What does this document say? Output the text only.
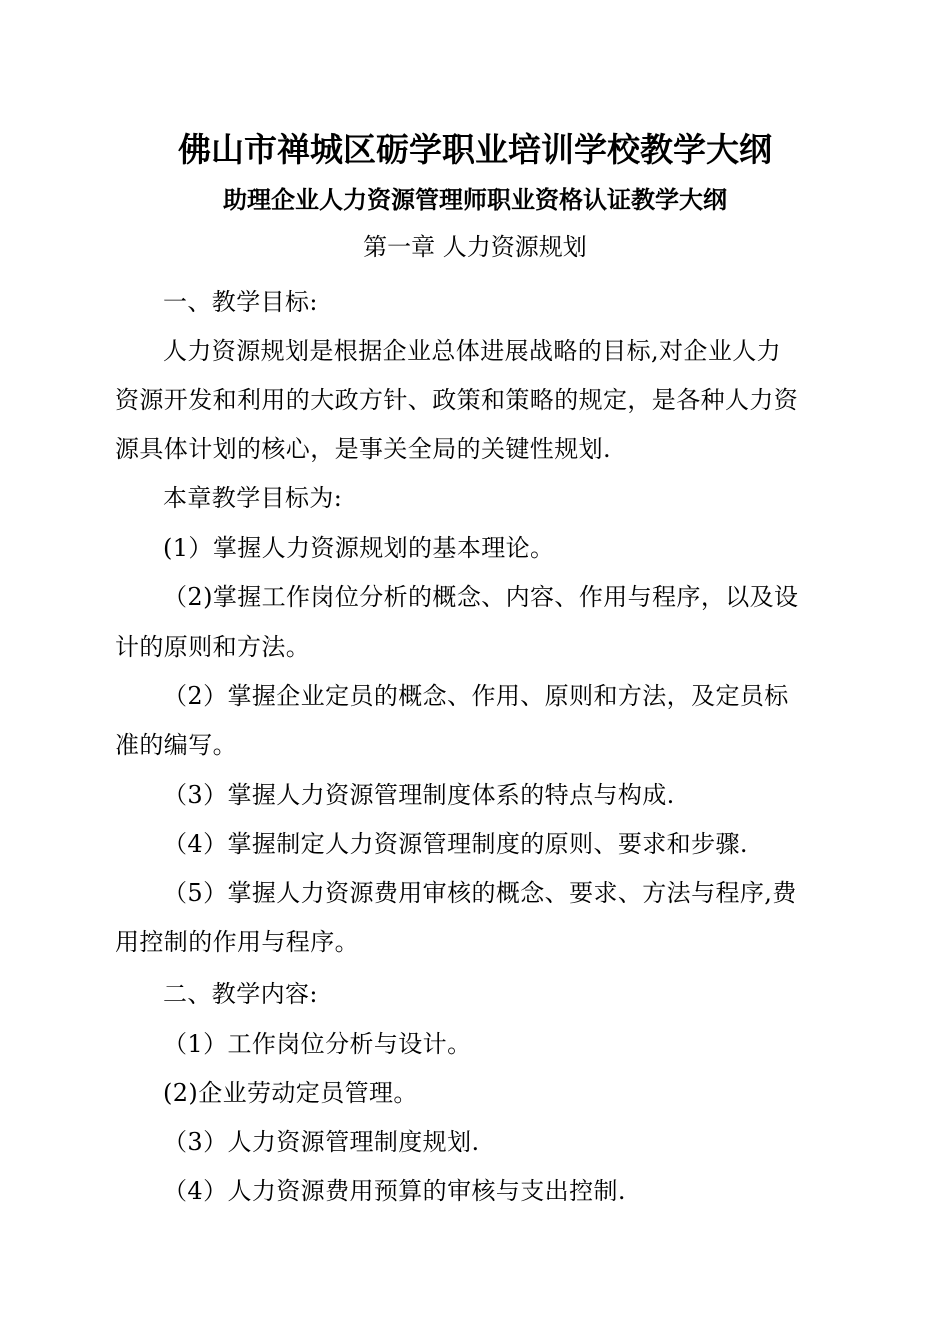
佛山市禅城区砺学职业培训学校教学大纲
助理企业人力资源管理师职业资格认证教学大纲
第一章 人力资源规划
一、教学目标:
人力资源规划是根据企业总体进展战略的目标,对企业人力
资源开发和利用的大政方针、政策和策略的规定，是各种人力资
源具体计划的核心，是事关全局的关键性规划.
本章教学目标为:
(1）掌握人力资源规划的基本理论。
（2)掌握工作岗位分析的概念、内容、作用与程序，以及设
计的原则和方法。
（2）掌握企业定员的概念、作用、原则和方法，及定员标
准的编写。
（3）掌握人力资源管理制度体系的特点与构成.
（4）掌握制定人力资源管理制度的原则、要求和步骤.
（5）掌握人力资源费用审核的概念、要求、方法与程序,费
用控制的作用与程序。
二、教学内容:
（1）工作岗位分析与设计。
(2)企业劳动定员管理。
（3）人力资源管理制度规划.
（4）人力资源费用预算的审核与支出控制.
